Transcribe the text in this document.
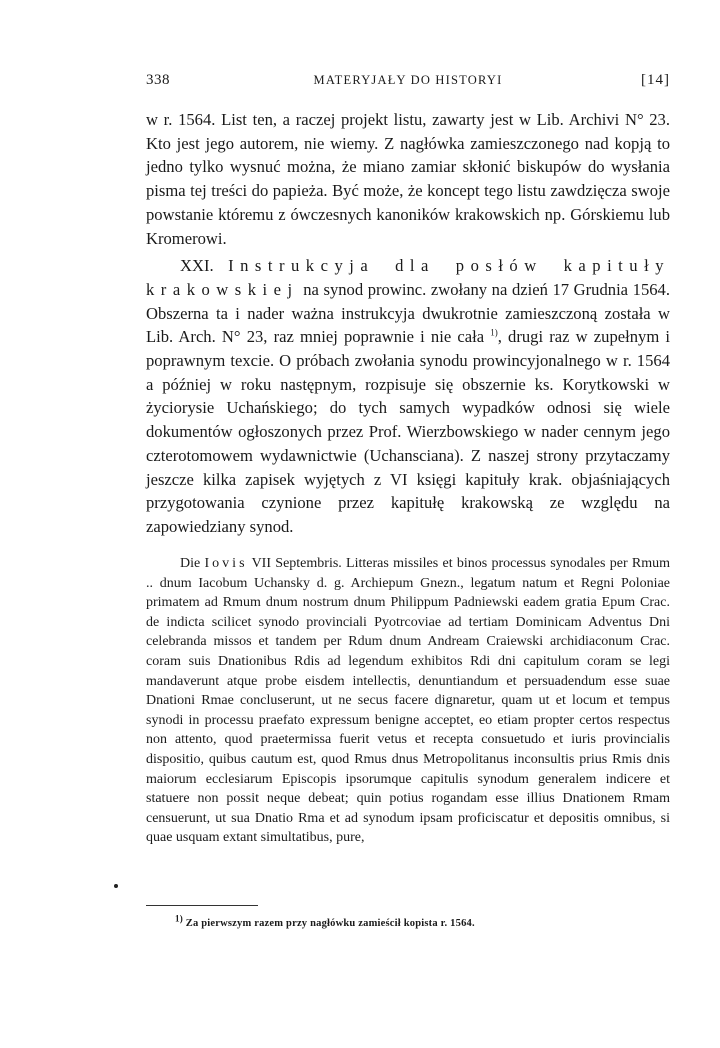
338	MATERYJAŁY DO HISTORYI	[14]

w r. 1564. List ten, a raczej projekt listu, zawarty jest w Lib. Archivi N° 23. Kto jest jego autorem, nie wiemy. Z nagłówka zamieszczonego nad kopją to jedno tylko wysnuć można, że miano zamiar skłonić biskupów do wysłania pisma tej treści do papieża. Być może, że koncept tego listu zawdzięcza swoje powstanie któremu z ówczesnych kanoników krakowskich np. Górskiemu lub Kromerowi.

XXI. Instrukcyja dla posłów kapituły krakowskiej na synod prowinc. zwołany na dzień 17 Grudnia 1564. Obszerna ta i nader ważna instrukcyja dwukrotnie zamieszczoną została w Lib. Arch. N° 23, raz mniej poprawnie i nie cała $^{1)}$, drugi raz w zupełnym i poprawnym texcie. O próbach zwołania synodu prowincyjonalnego w r. 1564 a później w roku następnym, rozpisuje się obszernie ks. Korytkowski w życiorysie Uchańskiego; do tych samych wypadków odnosi się wiele dokumentów ogłoszonych przez Prof. Wierzbowskiego w nader cennym jego czterotomowem wydawnictwie (Uchansciana). Z naszej strony przytaczamy jeszcze kilka zapisek wyjętych z VI księgi kapituły krak. objaśniających przygotowania czynione przez kapitułę krakowską ze względu na zapowiedziany synod.

Die Iovis VII Septembris. Litteras missiles et binos processus synodales per Rmum .. dnum Iacobum Uchansky d. g. Archiepum Gnezn., legatum natum et Regni Poloniae primatem ad Rmum dnum nostrum dnum Philippum Padniewski eadem gratia Epum Crac. de indicta scilicet synodo provinciali Pyotrcoviae ad tertiam Dominicam Adventus Dni celebranda missos et tandem per Rdum dnum Andream Craiewski archidiaconum Crac. coram suis Dnationibus Rdis ad legendum exhibitos Rdi dni capitulum coram se legi mandaverunt atque probe eisdem intellectis, denuntiandum et persuadendum esse suae Dnationi Rmae concluserunt, ut ne secus facere dignaretur, quam ut et locum et tempus synodi in processu praefato expressum benigne acceptet, eo etiam propter certos respectus non attento, quod praetermissa fuerit vetus et recepta consuetudo et iuris provincialis dispositio, quibus cautum est, quod Rmus dnus Metropolitanus inconsultis prius Rmis dnis maiorum ecclesiarum Episcopis ipsorumque capitulis synodum generalem indicere et statuere non possit neque debeat; quin potius rogandam esse illius Dnationem Rmam censuerunt, ut sua Dnatio Rma et ad synodum ipsam proficiscatur et depositis omnibus, si quae usquam extant simultatibus, pure,

$^{1)}$ Za pierwszym razem przy nagłówku zamieścił kopista r. 1564.
